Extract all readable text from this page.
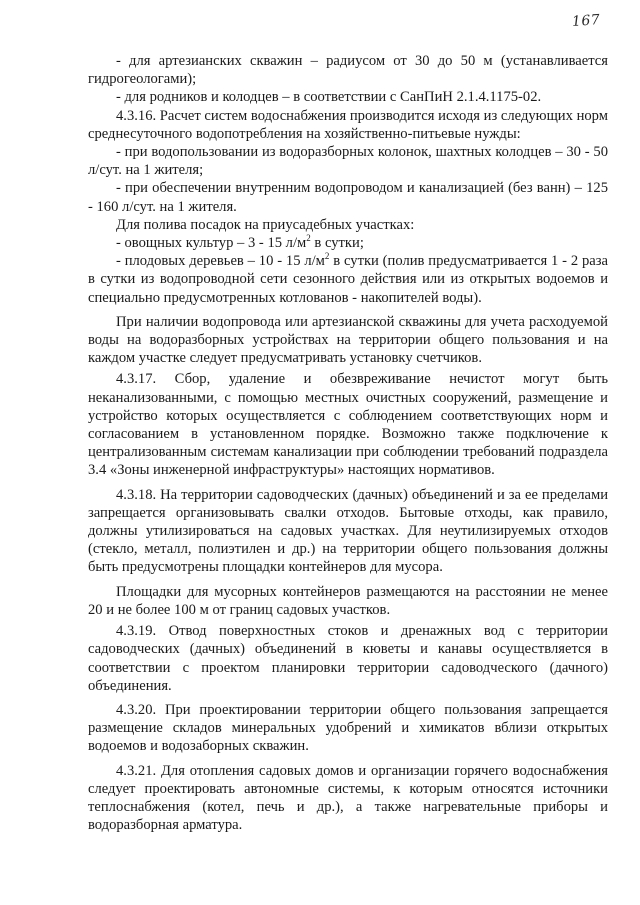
167

- для артезианских скважин – радиусом от 30 до 50 м (устанавливается гидрогеологами);

- для родников и колодцев – в соответствии с СанПиН 2.1.4.1175-02.

4.3.16. Расчет систем водоснабжения производится исходя из следующих норм среднесуточного водопотребления на хозяйственно-питьевые нужды:

- при водопользовании из водоразборных колонок, шахтных колодцев – 30 - 50 л/сут. на 1 жителя;

- при обеспечении внутренним водопроводом и канализацией (без ванн) – 125 - 160 л/сут. на 1 жителя.

Для полива посадок на приусадебных участках:

- овощных культур – 3 - 15 $л/м^2$ в сутки;

- плодовых деревьев – 10 - 15 $л/м^2$ в сутки (полив предусматривается 1 - 2 раза в сутки из водопроводной сети сезонного действия или из открытых водоемов и специально предусмотренных котлованов - накопителей воды).

При наличии водопровода или артезианской скважины для учета расходуемой воды на водоразборных устройствах на территории общего пользования и на каждом участке следует предусматривать установку счетчиков.

4.3.17. Сбор, удаление и обезвреживание нечистот могут быть неканализованными, с помощью местных очистных сооружений, размещение и устройство которых осуществляется с соблюдением соответствующих норм и согласованием в установленном порядке. Возможно также подключение к централизованным системам канализации при соблюдении требований подраздела 3.4 «Зоны инженерной инфраструктуры» настоящих нормативов.

4.3.18. На территории садоводческих (дачных) объединений и за ее пределами запрещается организовывать свалки отходов. Бытовые отходы, как правило, должны утилизироваться на садовых участках. Для неутилизируемых отходов (стекло, металл, полиэтилен и др.) на территории общего пользования должны быть предусмотрены площадки контейнеров для мусора.

Площадки для мусорных контейнеров размещаются на расстоянии не менее 20 и не более 100 м от границ садовых участков.

4.3.19. Отвод поверхностных стоков и дренажных вод с территории садоводческих (дачных) объединений в кюветы и канавы осуществляется в соответствии с проектом планировки территории садоводческого (дачного) объединения.

4.3.20. При проектировании территории общего пользования запрещается размещение складов минеральных удобрений и химикатов вблизи открытых водоемов и водозаборных скважин.

4.3.21. Для отопления садовых домов и организации горячего водоснабжения следует проектировать автономные системы, к которым относятся источники теплоснабжения (котел, печь и др.), а также нагревательные приборы и водоразборная арматура.
